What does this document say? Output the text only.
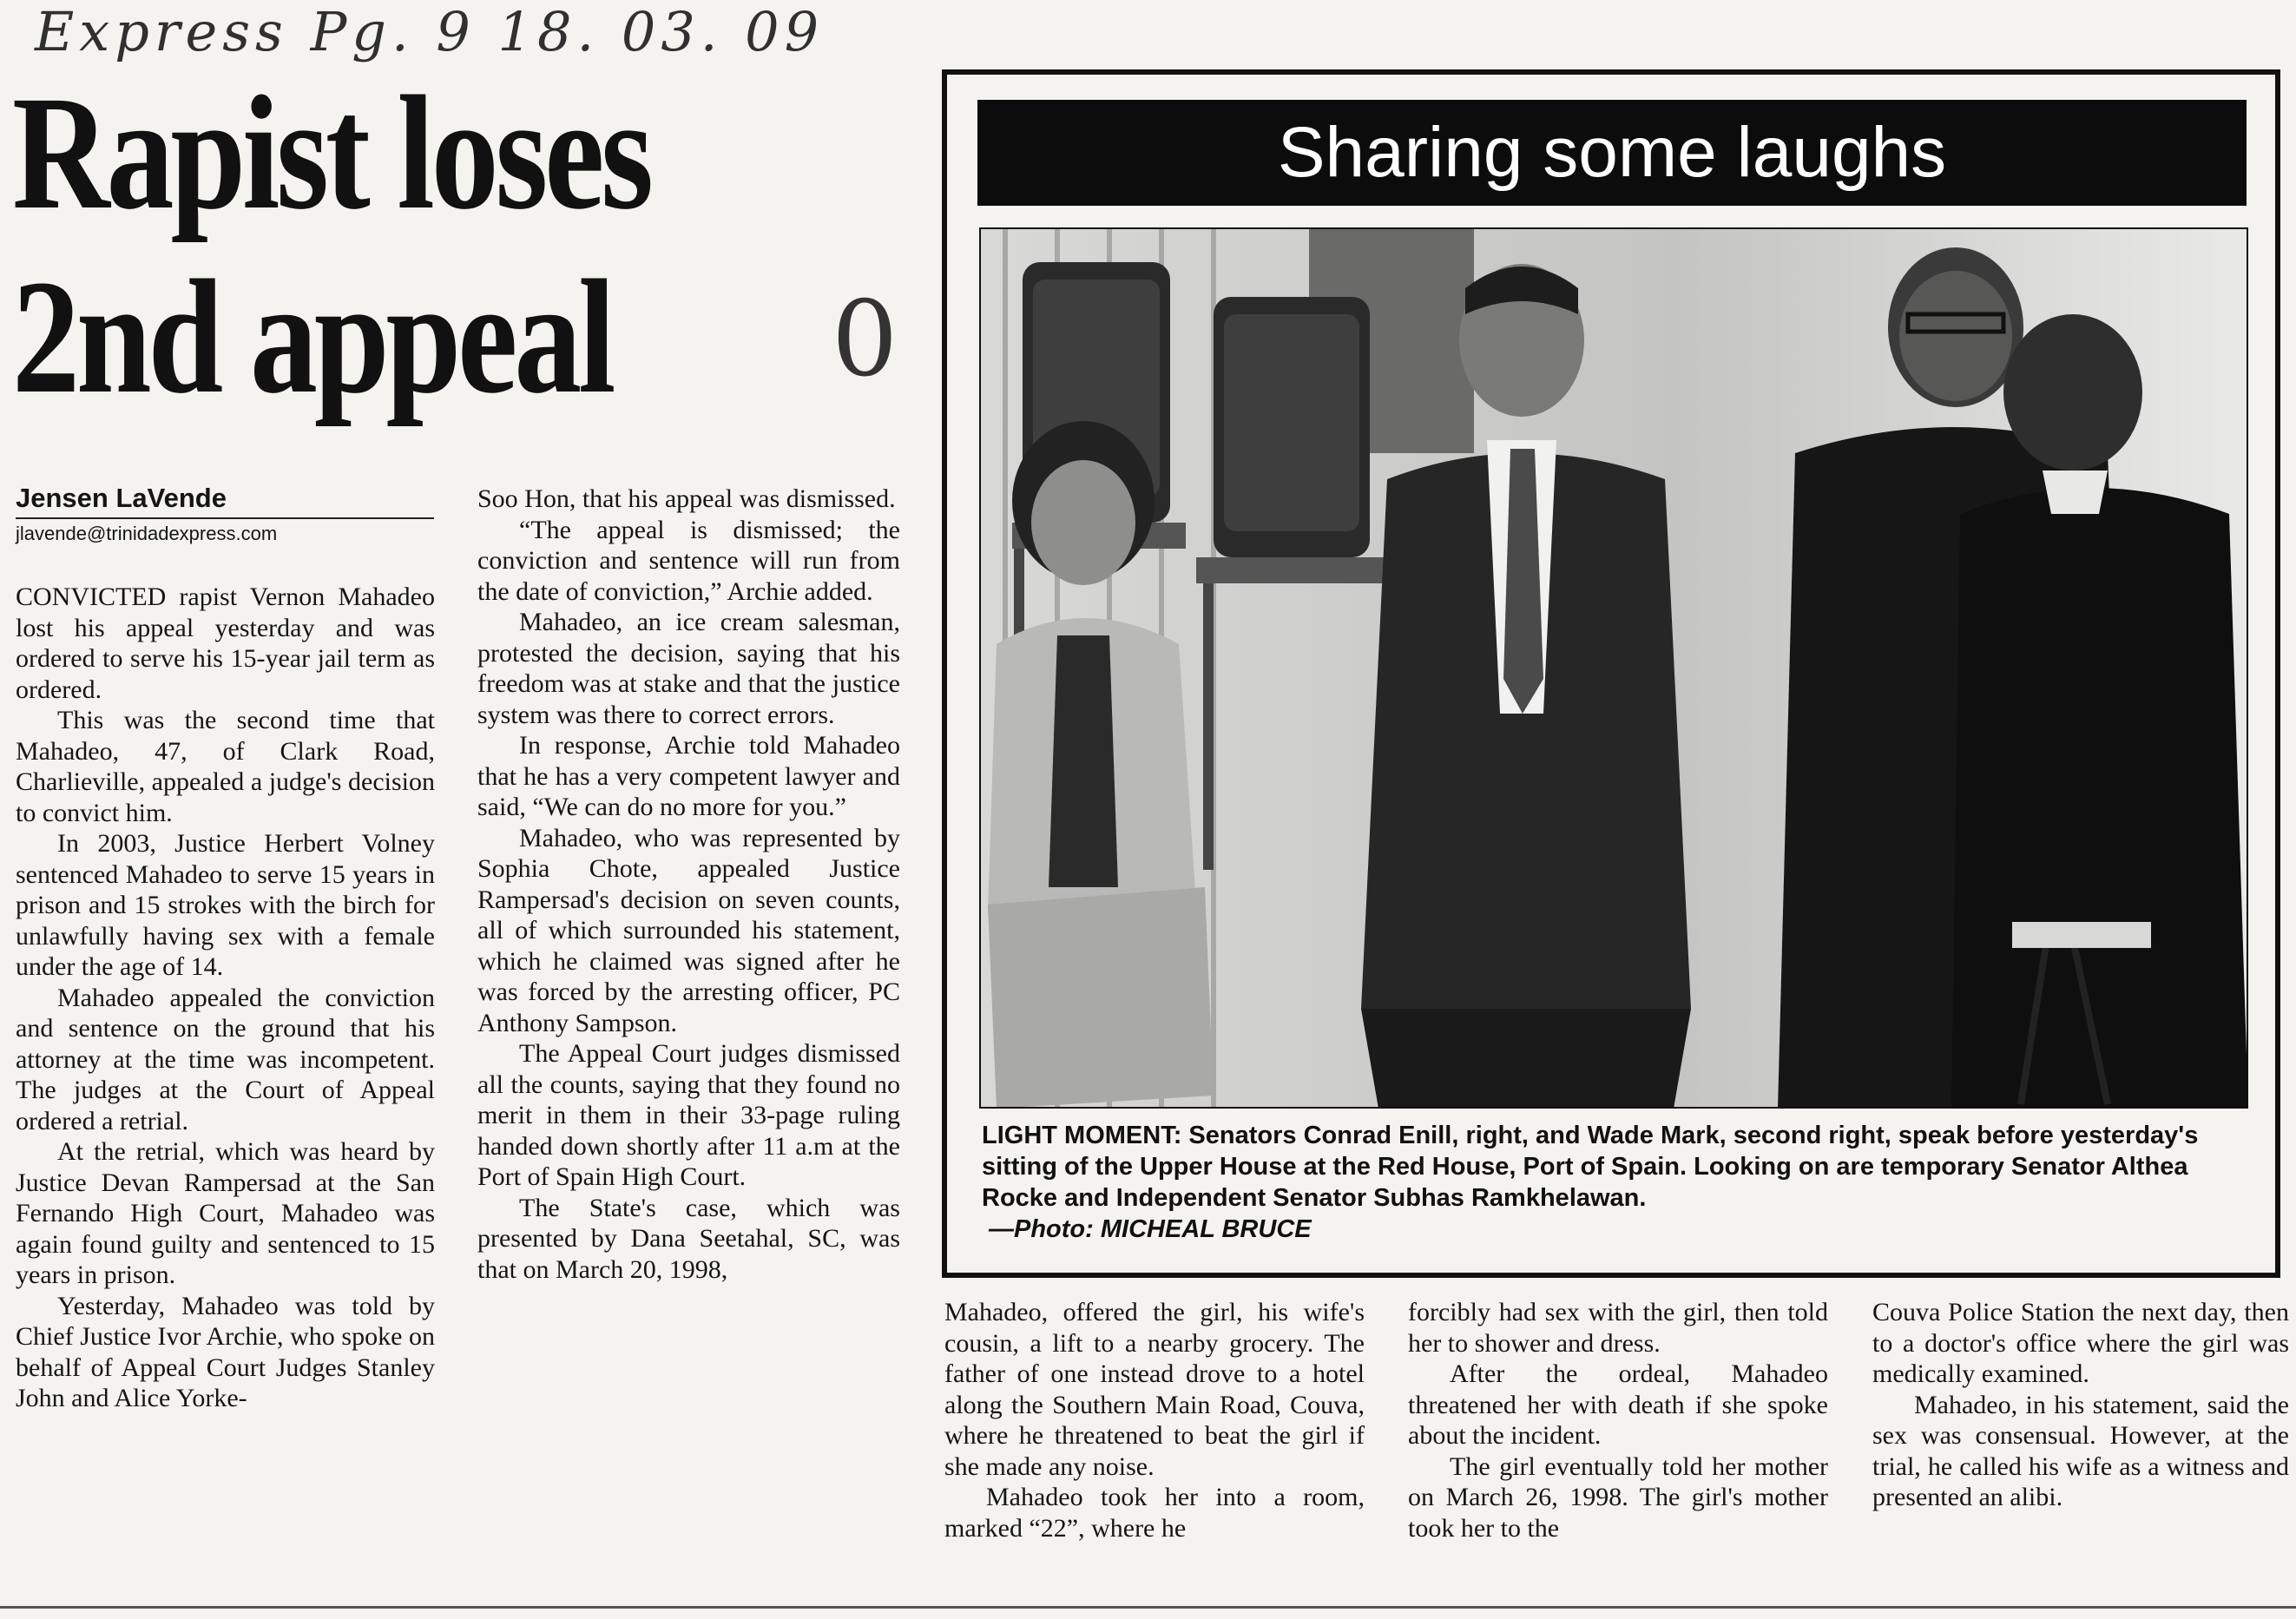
Express Pg. 9 18. 03. 09
Rapist loses
2nd appeal	0
Jensen LaVende
jlavende@trinidadexpress.com

CONVICTED rapist Vernon Mahadeo lost his appeal yesterday and was ordered to serve his 15-year jail term as ordered.

This was the second time that Mahadeo, 47, of Clark Road, Charlieville, appealed a judge's decision to convict him.

In 2003, Justice Herbert Volney sentenced Mahadeo to serve 15 years in prison and 15 strokes with the birch for unlawfully having sex with a female under the age of 14.

Mahadeo appealed the conviction and sentence on the ground that his attorney at the time was incompetent. The judges at the Court of Appeal ordered a retrial.

At the retrial, which was heard by Justice Devan Rampersad at the San Fernando High Court, Mahadeo was again found guilty and sentenced to 15 years in prison.

Yesterday, Mahadeo was told by Chief Justice Ivor Archie, who spoke on behalf of Appeal Court Judges Stanley John and Alice Yorke-

Soo Hon, that his appeal was dismissed.

“The appeal is dismissed; the conviction and sentence will run from the date of conviction,” Archie added.

Mahadeo, an ice cream salesman, protested the decision, saying that his freedom was at stake and that the justice system was there to correct errors.

In response, Archie told Mahadeo that he has a very competent lawyer and said, “We can do no more for you.”

Mahadeo, who was represented by Sophia Chote, appealed Justice Rampersad's decision on seven counts, all of which surrounded his statement, which he claimed was signed after he was forced by the arresting officer, PC Anthony Sampson.

The Appeal Court judges dismissed all the counts, saying that they found no merit in them in their 33-page ruling handed down shortly after 11 a.m at the Port of Spain High Court.

The State's case, which was presented by Dana Seetahal, SC, was that on March 20, 1998,

Sharing some laughs
LIGHT MOMENT: Senators Conrad Enill, right, and Wade Mark, second right, speak before yesterday's sitting of the Upper House at the Red House, Port of Spain. Looking on are temporary Senator Althea Rocke and Independent Senator Subhas Ramkhelawan.
—Photo: MICHEAL BRUCE

Mahadeo, offered the girl, his wife's cousin, a lift to a nearby grocery. The father of one instead drove to a hotel along the Southern Main Road, Couva, where he threatened to beat the girl if she made any noise.

Mahadeo took her into a room, marked “22”, where he

forcibly had sex with the girl, then told her to shower and dress.

After the ordeal, Mahadeo threatened her with death if she spoke about the incident.

The girl eventually told her mother on March 26, 1998. The girl's mother took her to the

Couva Police Station the next day, then to a doctor's office where the girl was medically examined.

Mahadeo, in his statement, said the sex was consensual. However, at the trial, he called his wife as a witness and presented an alibi.
